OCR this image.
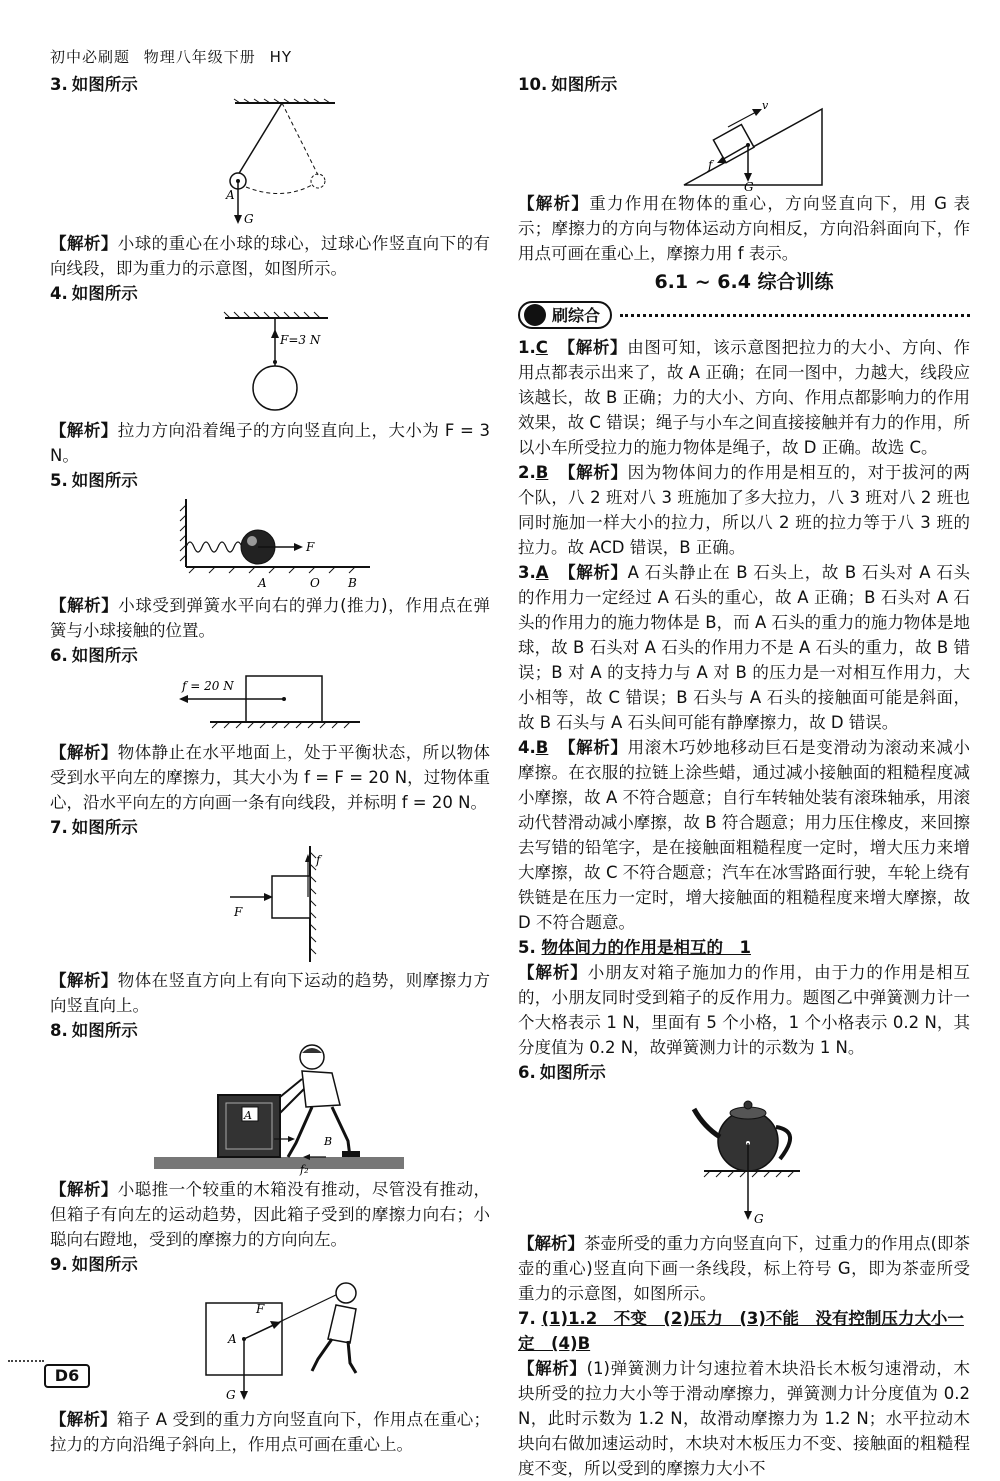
初中必刷题 物理八年级下册 HY
3. 如图所示
A
G
【解析】小球的重心在小球的球心，过球心作竖直向下的有向线段，即为重力的示意图，如图所示。
4. 如图所示
F=3 N
【解析】拉力方向沿着绳子的方向竖直向上，大小为 F = 3 N。
5. 如图所示
F
A	O B
【解析】小球受到弹簧水平向右的弹力(推力)，作用点在弹簧与小球接触的位置。
6. 如图所示
f = 20 N
【解析】物体静止在水平地面上，处于平衡状态，所以物体受到水平向左的摩擦力，其大小为 f = F = 20 N，过物体重心，沿水平向左的方向画一条有向线段，并标明 f = 20 N。
7. 如图所示
f
F
【解析】物体在竖直方向上有向下运动的趋势，则摩擦力方向竖直向上。
8. 如图所示
A
f₁
B
f₂
【解析】小聪推一个较重的木箱没有推动，尽管没有推动，但箱子有向左的运动趋势，因此箱子受到的摩擦力向右；小聪向右蹬地，受到的摩擦力的方向向左。
9. 如图所示
F
A
G
【解析】箱子 A 受到的重力方向竖直向下，作用点在重心；拉力的方向沿绳子斜向上，作用点可画在重心上。
10. 如图所示
v
f
G
【解析】重力作用在物体的重心，方向竖直向下，用 G 表示；摩擦力的方向与物体运动方向相反，方向沿斜面向下，作用点可画在重心上，摩擦力用 f 表示。
6.1 ~ 6.4 综合训练
刷综合
1.C 【解析】由图可知，该示意图把拉力的大小、方向、作用点都表示出来了，故 A 正确；在同一图中，力越大，线段应该越长，故 B 正确；力的大小、方向、作用点都影响力的作用效果，故 C 错误；绳子与小车之间直接接触并有力的作用，所以小车所受拉力的施力物体是绳子，故 D 正确。故选 C。
2.B 【解析】因为物体间力的作用是相互的，对于拔河的两个队，八 2 班对八 3 班施加了多大拉力，八 3 班对八 2 班也同时施加一样大小的拉力，所以八 2 班的拉力等于八 3 班的拉力。故 ACD 错误，B 正确。
3.A 【解析】A 石头静止在 B 石头上，故 B 石头对 A 石头的作用力一定经过 A 石头的重心，故 A 正确；B 石头对 A 石头的作用力的施力物体是 B，而 A 石头的重力的施力物体是地球，故 B 石头对 A 石头的作用力不是 A 石头的重力，故 B 错误；B 对 A 的支持力与 A 对 B 的压力是一对相互作用力，大小相等，故 C 错误；B 石头与 A 石头的接触面可能是斜面，故 B 石头与 A 石头间可能有静摩擦力，故 D 错误。
4.B 【解析】用滚木巧妙地移动巨石是变滑动为滚动来减小摩擦。在衣服的拉链上涂些蜡，通过减小接触面的粗糙程度减小摩擦，故 A 不符合题意；自行车转轴处装有滚珠轴承，用滚动代替滑动减小摩擦，故 B 符合题意；用力压住橡皮，来回擦去写错的铅笔字，是在接触面粗糙程度一定时，增大压力来增大摩擦，故 C 不符合题意；汽车在冰雪路面行驶，车轮上绕有铁链是在压力一定时，增大接触面的粗糙程度来增大摩擦，故 D 不符合题意。
5. 物体间力的作用是相互的　1
【解析】小朋友对箱子施加力的作用，由于力的作用是相互的，小朋友同时受到箱子的反作用力。题图乙中弹簧测力计一个大格表示 1 N，里面有 5 个小格，1 个小格表示 0.2 N，其分度值为 0.2 N，故弹簧测力计的示数为 1 N。
6. 如图所示
G
【解析】茶壶所受的重力方向竖直向下，过重力的作用点(即茶壶的重心)竖直向下画一条线段，标上符号 G，即为茶壶所受重力的示意图，如图所示。
7. (1)1.2　不变　(2)压力　(3)不能　没有控制压力大小一定　(4)B
【解析】(1)弹簧测力计匀速拉着木块沿长木板匀速滑动，木块所受的拉力大小等于滑动摩擦力，弹簧测力计分度值为 0.2 N，此时示数为 1.2 N，故滑动摩擦力为 1.2 N；水平拉动木块向右做加速运动时，木块对木板压力不变、接触面的粗糙程度不变，所以受到的摩擦力大小不
D6
